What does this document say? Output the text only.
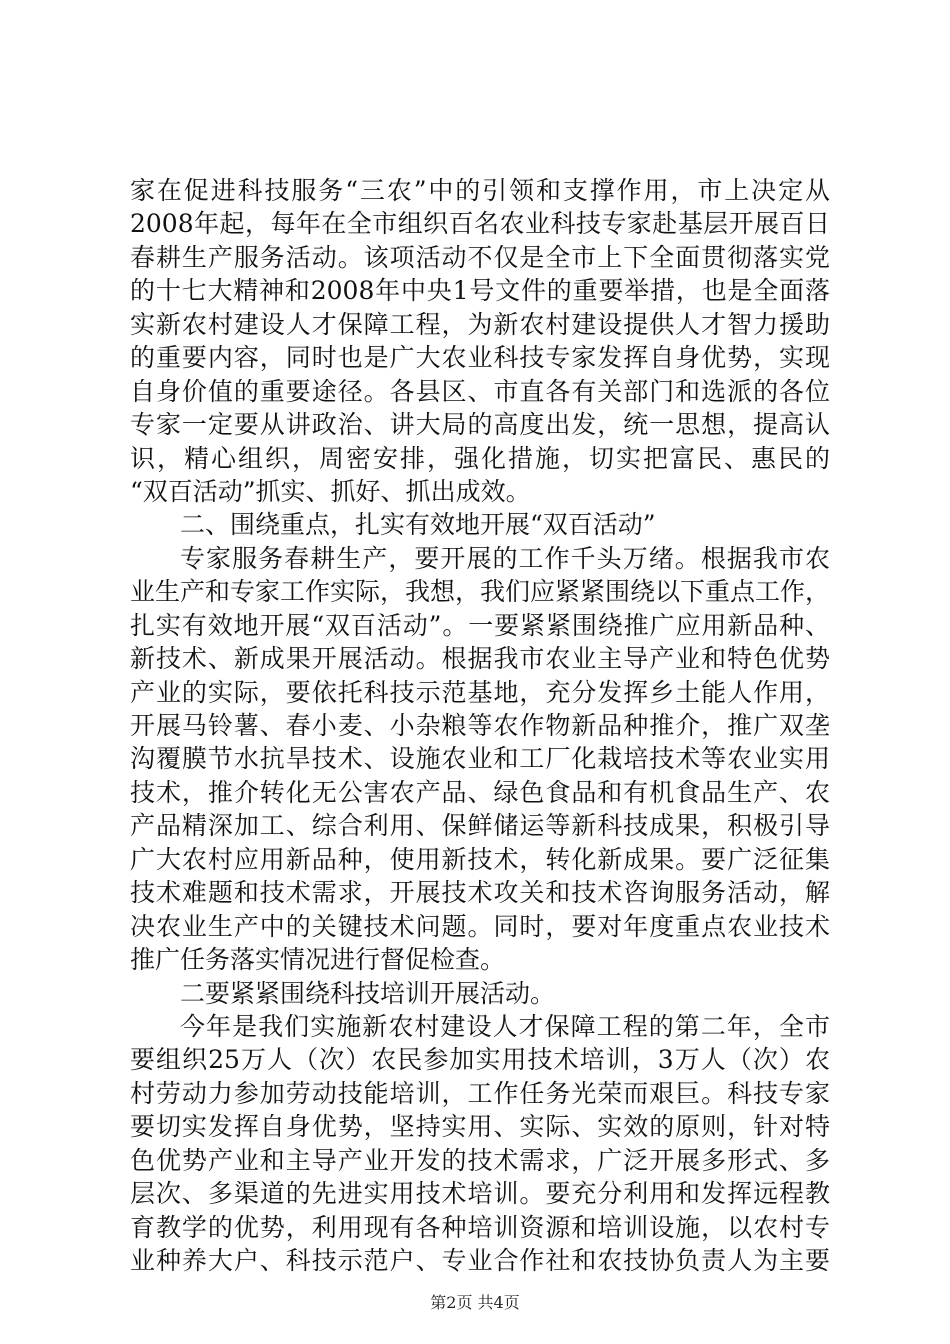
家在促进科技服务“三农”中的引领和支撑作用，市上决定从
2008年起，每年在全市组织百名农业科技专家赴基层开展百日
春耕生产服务活动。该项活动不仅是全市上下全面贯彻落实党
的十七大精神和2008年中央1号文件的重要举措，也是全面落
实新农村建设人才保障工程，为新农村建设提供人才智力援助
的重要内容，同时也是广大农业科技专家发挥自身优势，实现
自身价值的重要途径。各县区、市直各有关部门和选派的各位
专家一定要从讲政治、讲大局的高度出发，统一思想，提高认
识，精心组织，周密安排，强化措施，切实把富民、惠民的
“双百活动”抓实、抓好、抓出成效。
二、围绕重点，扎实有效地开展“双百活动”
专家服务春耕生产，要开展的工作千头万绪。根据我市农
业生产和专家工作实际，我想，我们应紧紧围绕以下重点工作，
扎实有效地开展“双百活动”。一要紧紧围绕推广应用新品种、
新技术、新成果开展活动。根据我市农业主导产业和特色优势
产业的实际，要依托科技示范基地，充分发挥乡土能人作用，
开展马铃薯、春小麦、小杂粮等农作物新品种推介，推广双垄
沟覆膜节水抗旱技术、设施农业和工厂化栽培技术等农业实用
技术，推介转化无公害农产品、绿色食品和有机食品生产、农
产品精深加工、综合利用、保鲜储运等新科技成果，积极引导
广大农村应用新品种，使用新技术，转化新成果。要广泛征集
技术难题和技术需求，开展技术攻关和技术咨询服务活动，解
决农业生产中的关键技术问题。同时，要对年度重点农业技术
推广任务落实情况进行督促检查。
二要紧紧围绕科技培训开展活动。
今年是我们实施新农村建设人才保障工程的第二年，全市
要组织25万人（次）农民参加实用技术培训，3万人（次）农
村劳动力参加劳动技能培训，工作任务光荣而艰巨。科技专家
要切实发挥自身优势，坚持实用、实际、实效的原则，针对特
色优势产业和主导产业开发的技术需求，广泛开展多形式、多
层次、多渠道的先进实用技术培训。要充分利用和发挥远程教
育教学的优势，利用现有各种培训资源和培训设施，以农村专
业种养大户、科技示范户、专业合作社和农技协负责人为主要
第2页 共4页
